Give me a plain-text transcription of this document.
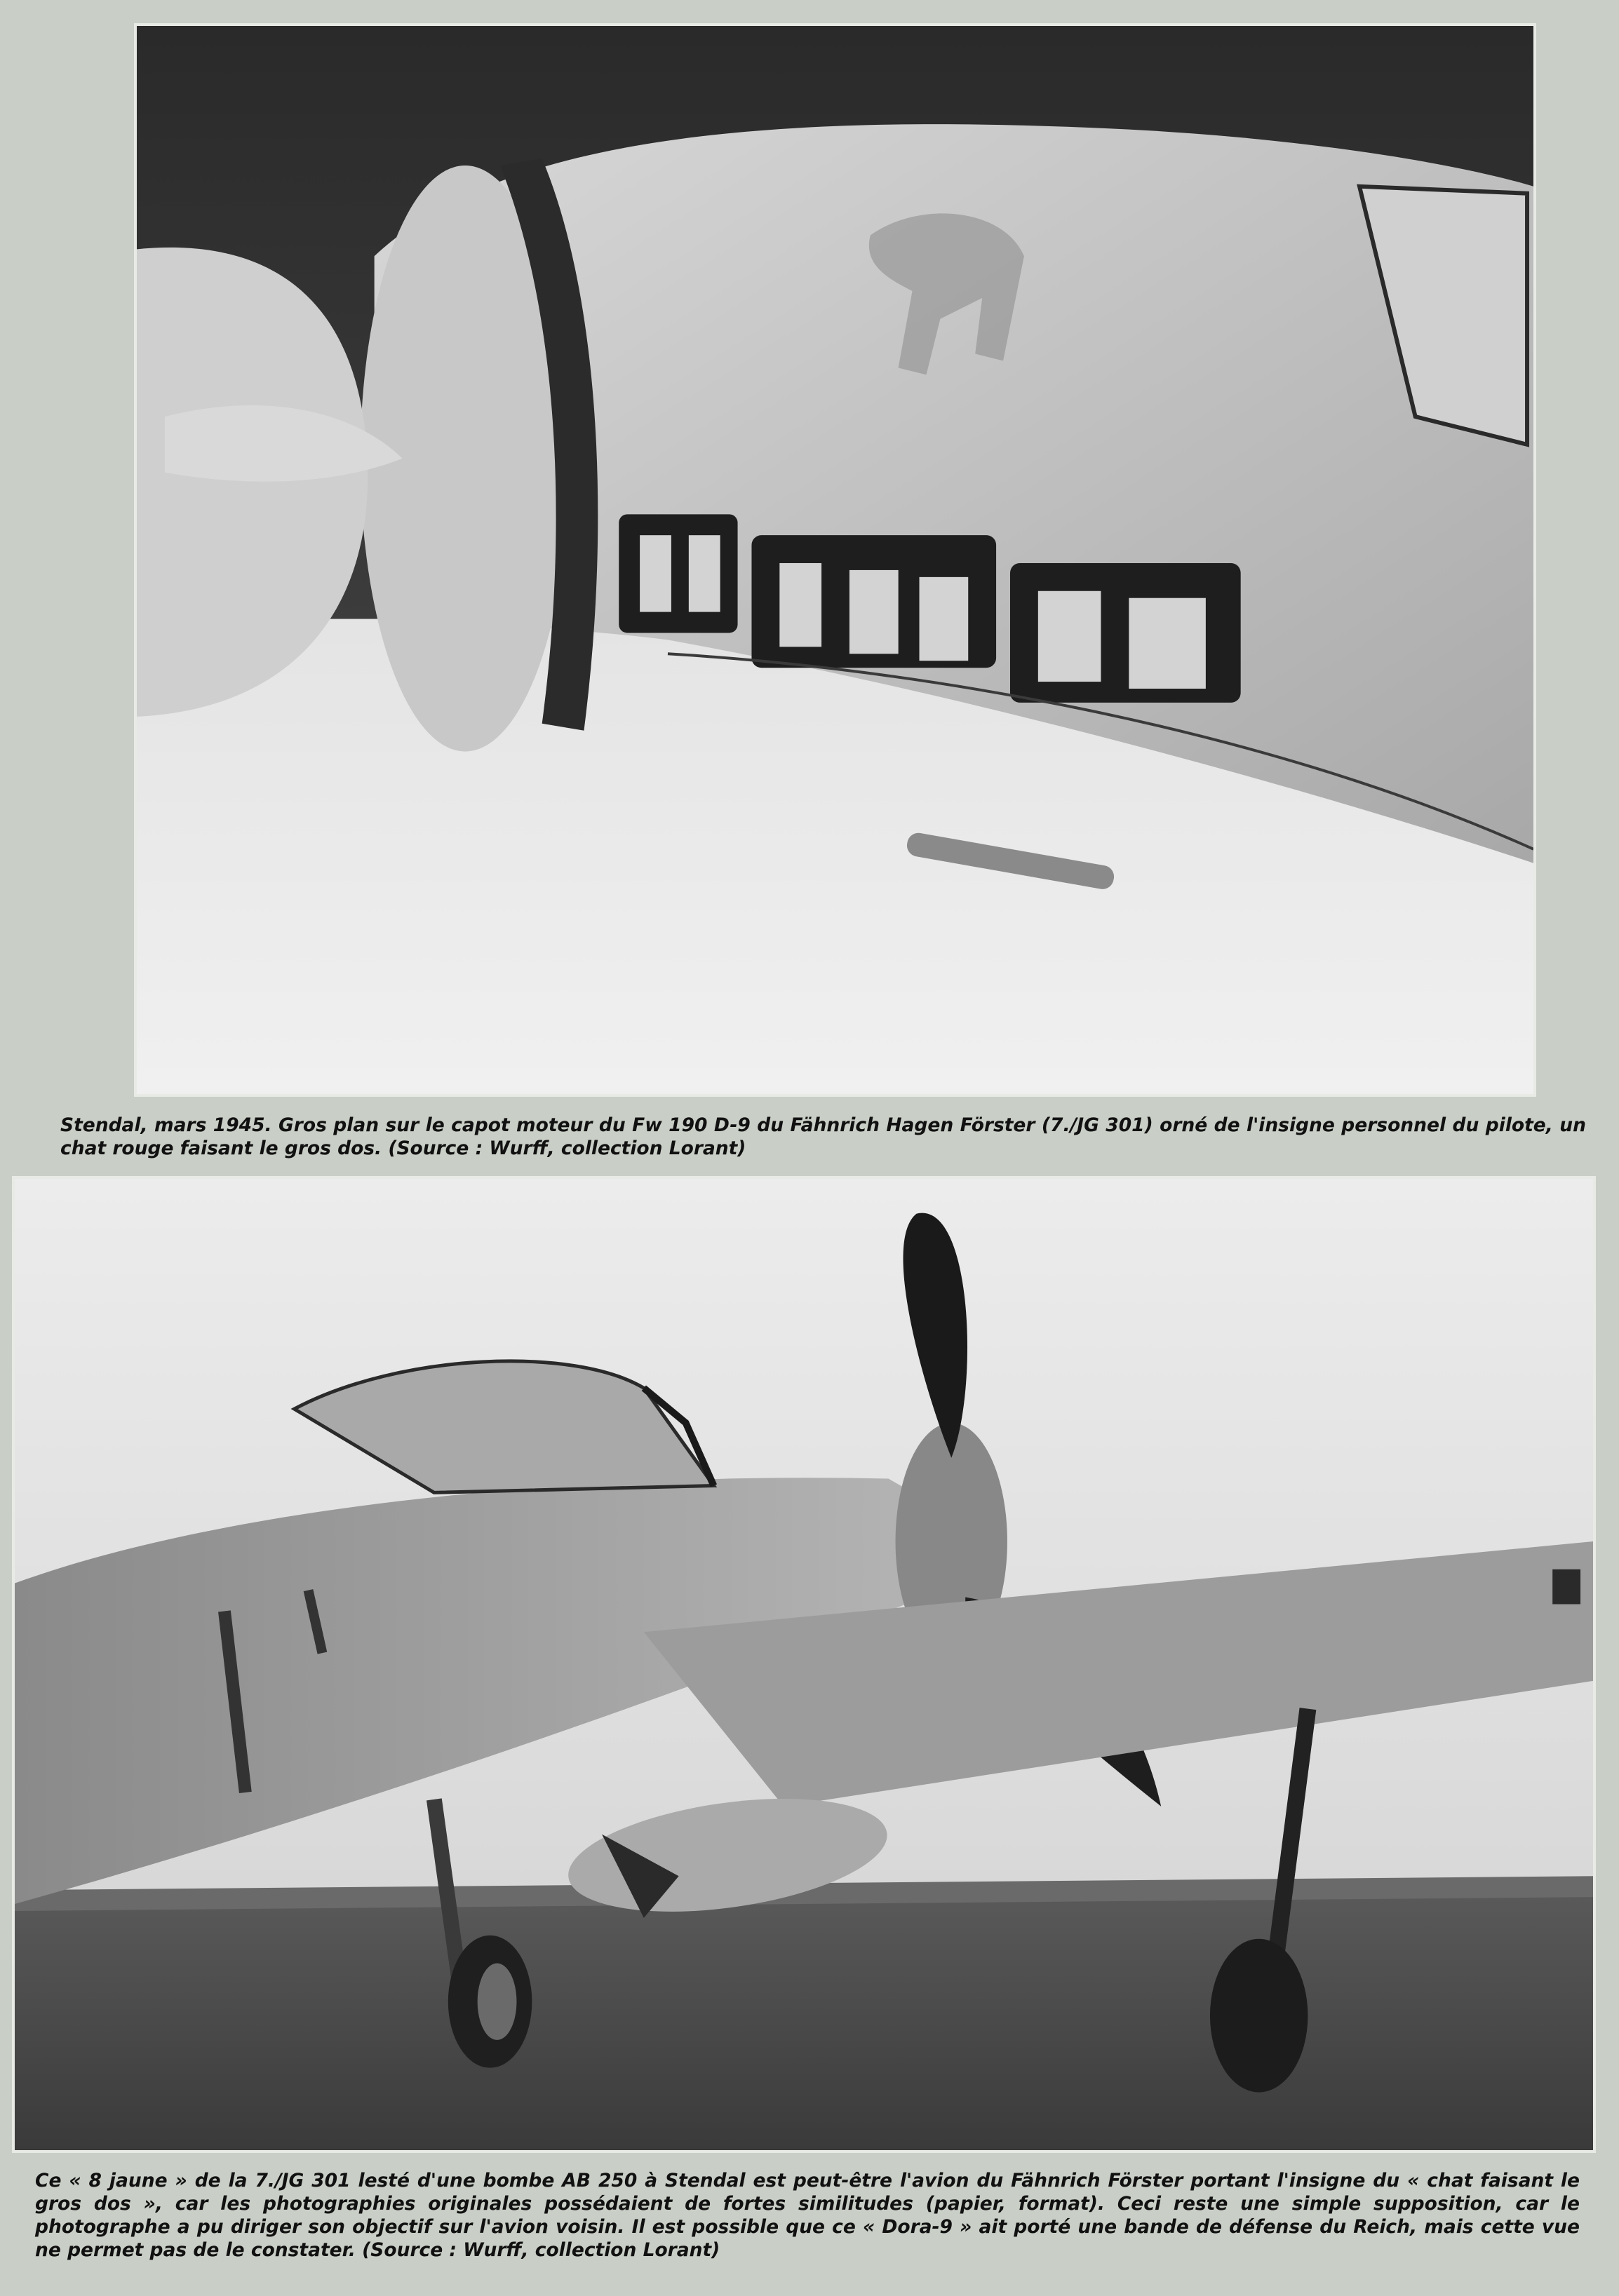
Stendal, mars 1945. Gros plan sur le capot moteur du Fw 190 D-9 du Fähnrich Hagen Förster (7./JG 301) orné de l'insigne personnel du pilote, un chat rouge faisant le gros dos. (Source : Wurff, collection Lorant)

Ce « 8 jaune » de la 7./JG 301 lesté d'une bombe AB 250 à Stendal est peut-être l'avion du Fähnrich Förster portant l'insigne du « chat faisant le gros dos », car les photographies originales possédaient de fortes similitudes (papier, format). Ceci reste une simple supposition, car le photographe a pu diriger son objectif sur l'avion voisin. Il est possible que ce « Dora-9 » ait porté une bande de défense du Reich, mais cette vue ne permet pas de le constater. (Source : Wurff, collection Lorant)
